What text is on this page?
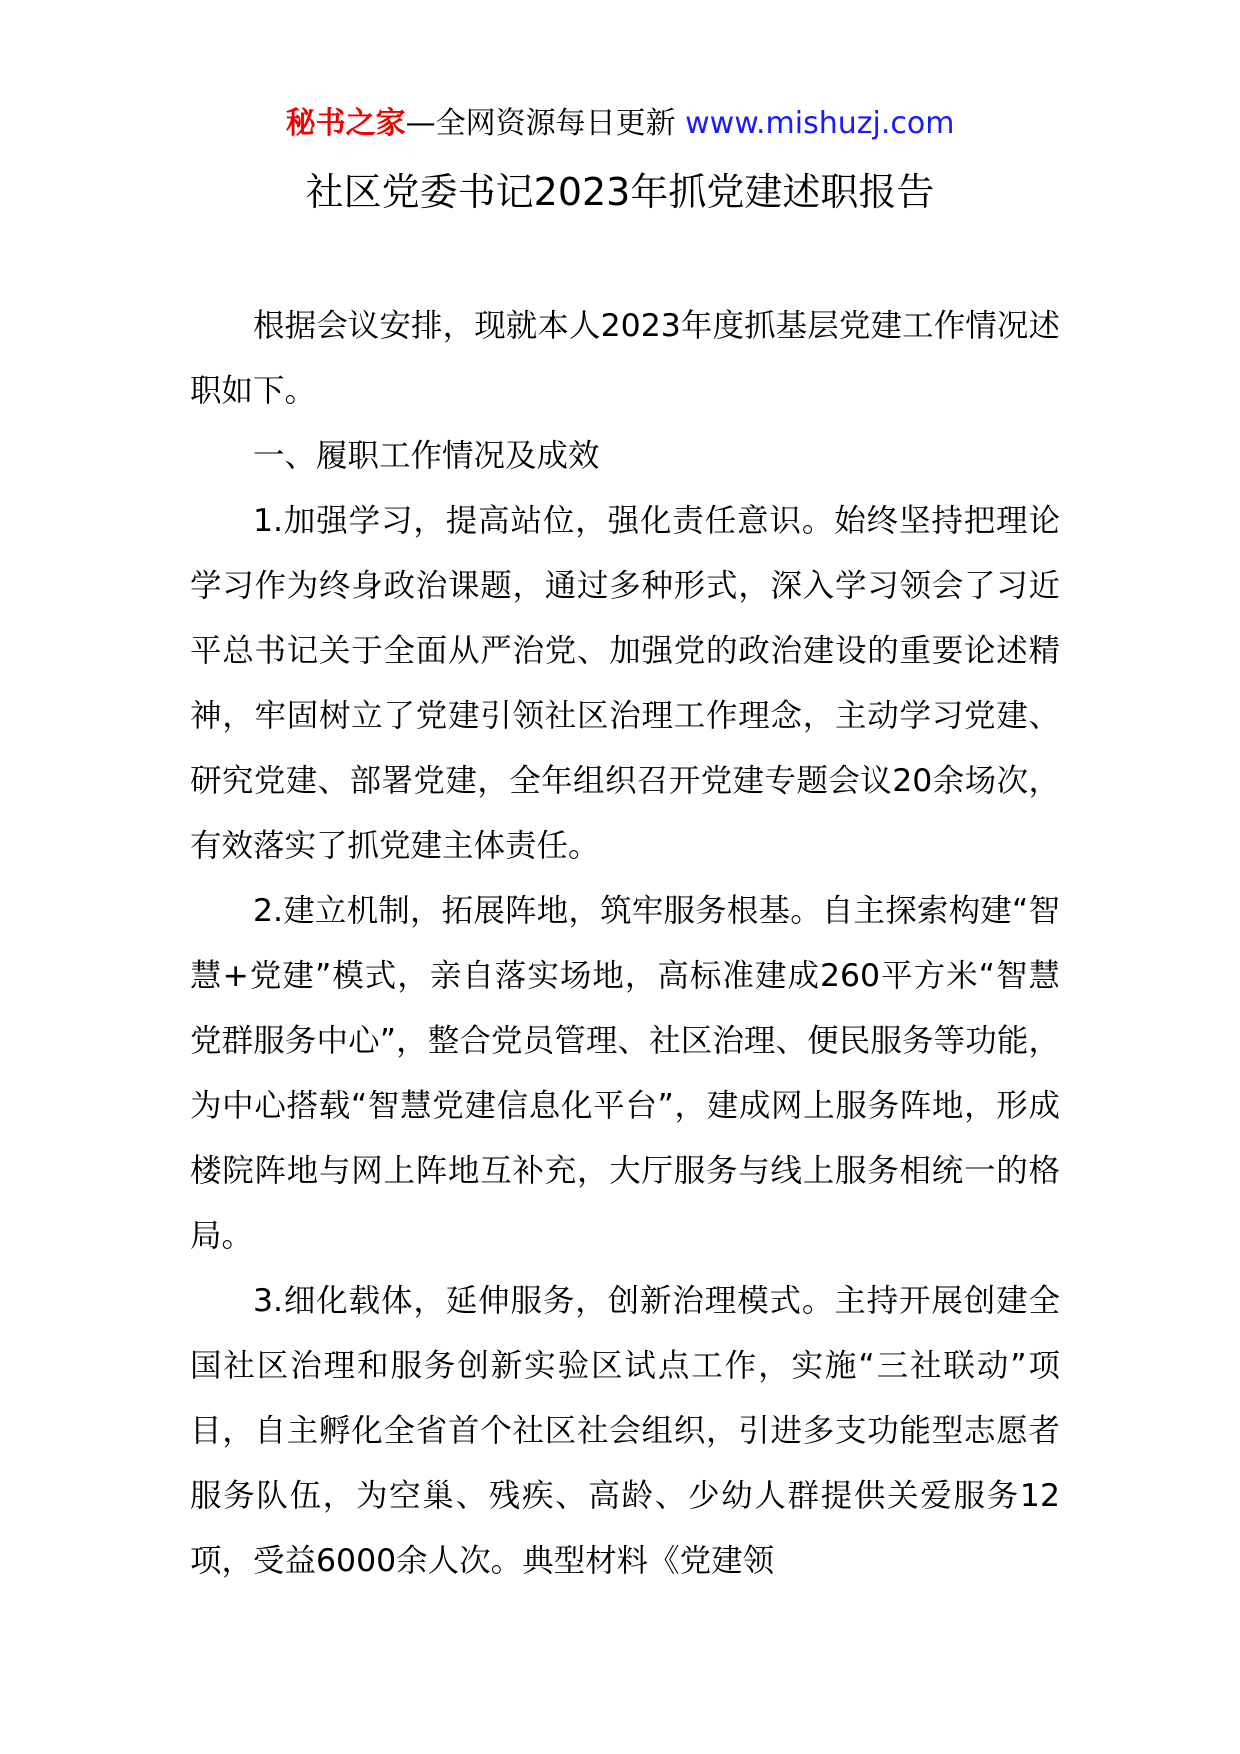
秘书之家—全网资源每日更新 www.mishuzj.com
社区党委书记2023年抓党建述职报告

根据会议安排，现就本人2023年度抓基层党建工作情况述职如下。

一、履职工作情况及成效

1.加强学习，提高站位，强化责任意识。始终坚持把理论学习作为终身政治课题，通过多种形式，深入学习领会了习近平总书记关于全面从严治党、加强党的政治建设的重要论述精神，牢固树立了党建引领社区治理工作理念，主动学习党建、研究党建、部署党建，全年组织召开党建专题会议20余场次，有效落实了抓党建主体责任。

2.建立机制，拓展阵地，筑牢服务根基。自主探索构建“智慧+党建”模式，亲自落实场地，高标准建成260平方米“智慧党群服务中心”，整合党员管理、社区治理、便民服务等功能，为中心搭载“智慧党建信息化平台”，建成网上服务阵地，形成楼院阵地与网上阵地互补充，大厅服务与线上服务相统一的格局。

3.细化载体，延伸服务，创新治理模式。主持开展创建全国社区治理和服务创新实验区试点工作，实施“三社联动”项目，自主孵化全省首个社区社会组织，引进多支功能型志愿者服务队伍，为空巢、残疾、高龄、少幼人群提供关爱服务12项，受益6000余人次。典型材料《党建领
